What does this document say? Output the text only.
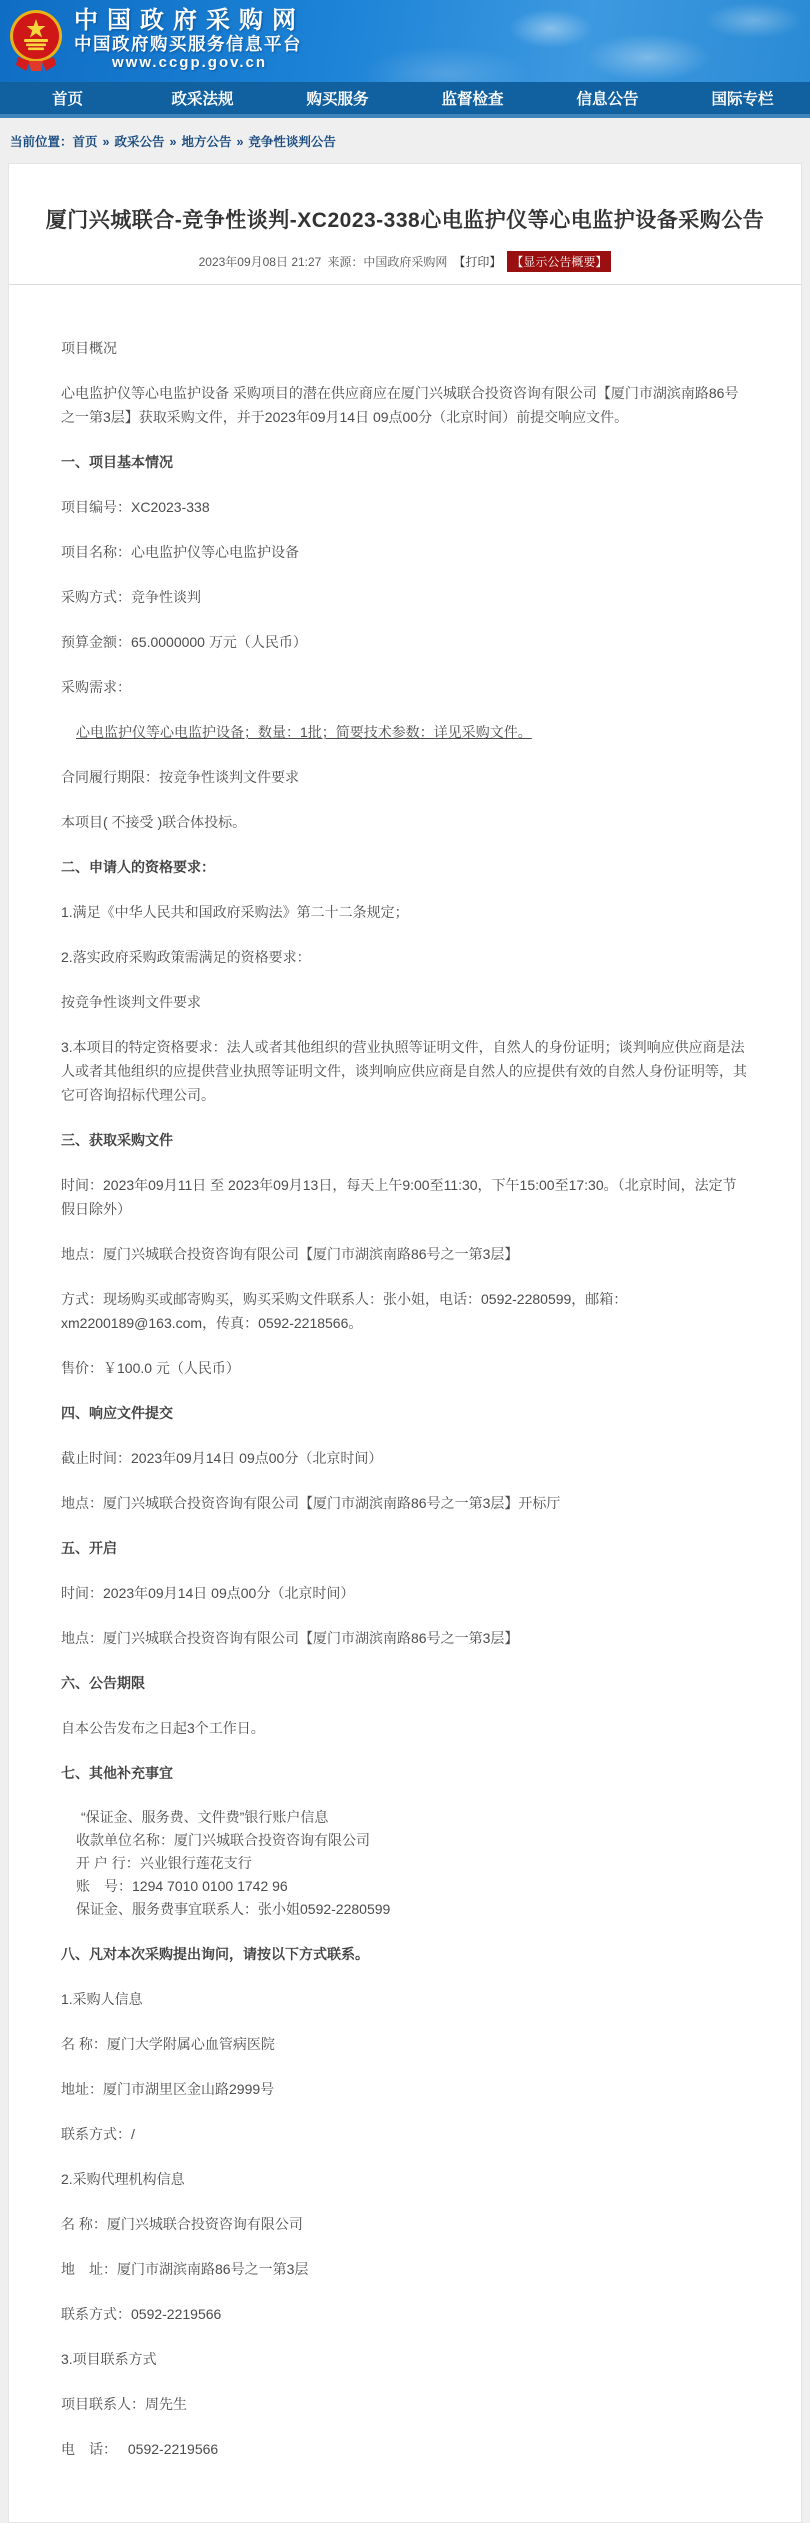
中国政府采购网
中国政府购买服务信息平台
www.ccgp.gov.cn
首页	政采法规	购买服务	监督检查	信息公告	国际专栏
当前位置： 首页 » 政采公告 » 地方公告 » 竞争性谈判公告
厦门兴城联合-竞争性谈判-XC2023-338心电监护仪等心电监护设备采购公告
2023年09月08日 21:27 来源：中国政府采购网 【打印】 【显示公告概要】

项目概况

心电监护仪等心电监护设备 采购项目的潜在供应商应在厦门兴城联合投资咨询有限公司【厦门市湖滨南路86号之一第3层】获取采购文件，并于2023年09月14日 09点00分（北京时间）前提交响应文件。

一、项目基本情况

项目编号：XC2023-338

项目名称：心电监护仪等心电监护设备

采购方式：竞争性谈判

预算金额：65.0000000 万元（人民币）

采购需求：

心电监护仪等心电监护设备；数量：1批；简要技术参数：详见采购文件。

合同履行期限：按竞争性谈判文件要求

本项目( 不接受 )联合体投标。

二、申请人的资格要求：

1.满足《中华人民共和国政府采购法》第二十二条规定；

2.落实政府采购政策需满足的资格要求：

按竞争性谈判文件要求

3.本项目的特定资格要求：法人或者其他组织的营业执照等证明文件，自然人的身份证明；谈判响应供应商是法人或者其他组织的应提供营业执照等证明文件，谈判响应供应商是自然人的应提供有效的自然人身份证明等，其它可咨询招标代理公司。

三、获取采购文件

时间：2023年09月11日 至 2023年09月13日，每天上午9:00至11:30，下午15:00至17:30。（北京时间，法定节假日除外）

地点：厦门兴城联合投资咨询有限公司【厦门市湖滨南路86号之一第3层】

方式：现场购买或邮寄购买，购买采购文件联系人：张小姐，电话：0592-2280599，邮箱：xm2200189@163.com，传真：0592-2218566。

售价：￥100.0 元（人民币）

四、响应文件提交

截止时间：2023年09月14日 09点00分（北京时间）

地点：厦门兴城联合投资咨询有限公司【厦门市湖滨南路86号之一第3层】开标厅

五、开启

时间：2023年09月14日 09点00分（北京时间）

地点：厦门兴城联合投资咨询有限公司【厦门市湖滨南路86号之一第3层】

六、公告期限

自本公告发布之日起3个工作日。

七、其他补充事宜

“保证金、服务费、文件费”银行账户信息

收款单位名称：厦门兴城联合投资咨询有限公司

开 户 行：兴业银行莲花支行

账　号：1294 7010 0100 1742 96

保证金、服务费事宜联系人：张小姐0592-2280599

八、凡对本次采购提出询问，请按以下方式联系。

1.采购人信息

名 称：厦门大学附属心血管病医院

地址：厦门市湖里区金山路2999号

联系方式：/

2.采购代理机构信息

名 称：厦门兴城联合投资咨询有限公司

地　址：厦门市湖滨南路86号之一第3层

联系方式：0592-2219566

3.项目联系方式

项目联系人：周先生

电　话：　 0592-2219566
